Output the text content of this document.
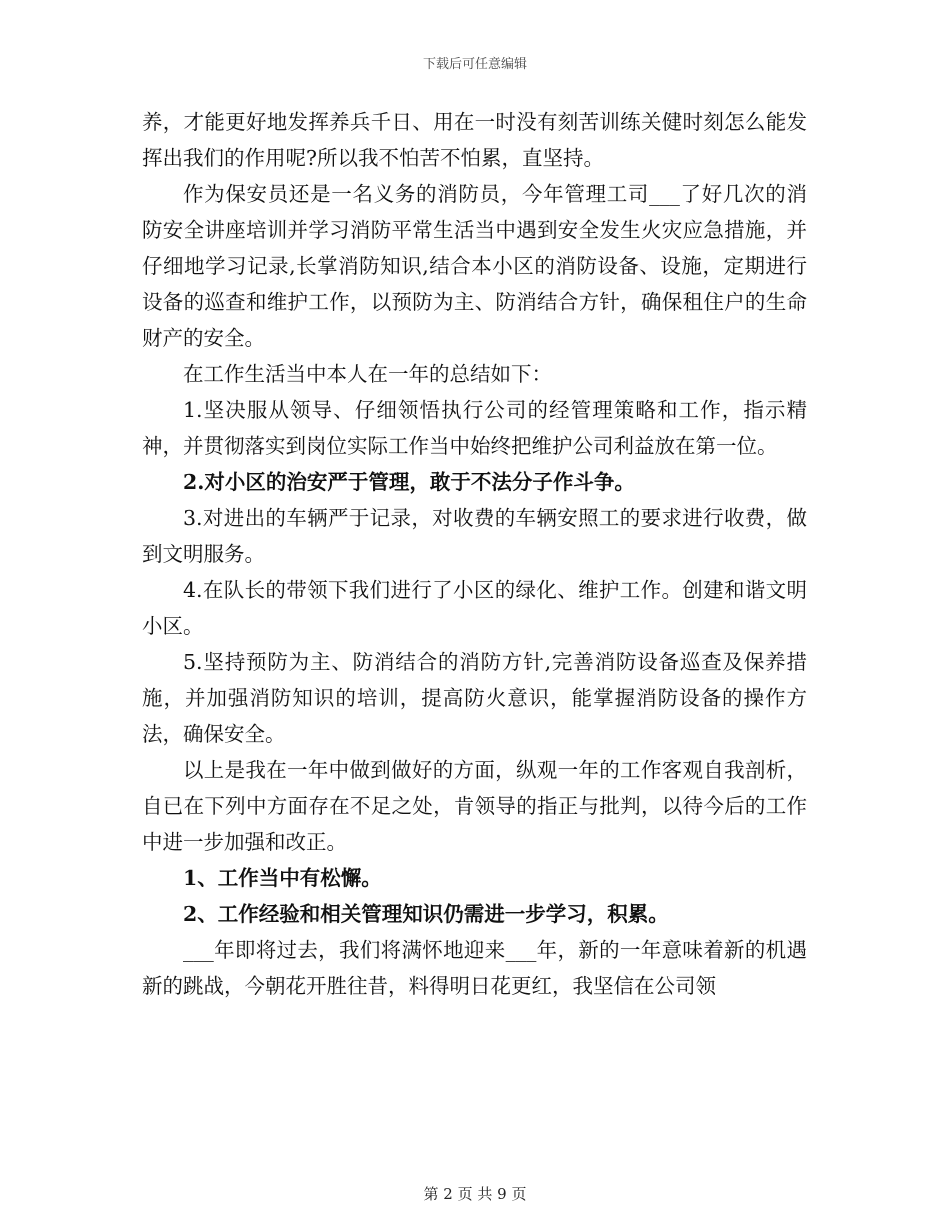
下载后可任意编辑

养，才能更好地发挥养兵千日、用在一时没有刻苦训练关健时刻怎么能发挥出我们的作用呢?所以我不怕苦不怕累，直坚持。

作为保安员还是一名义务的消防员，今年管理工司___了好几次的消防安全讲座培训并学习消防平常生活当中遇到安全发生火灾应急措施，并仔细地学习记录,长掌消防知识,结合本小区的消防设备、设施，定期进行设备的巡查和维护工作，以预防为主、防消结合方针，确保租住户的生命财产的安全。

在工作生活当中本人在一年的总结如下：

1.坚决服从领导、仔细领悟执行公司的经管理策略和工作，指示精神，并贯彻落实到岗位实际工作当中始终把维护公司利益放在第一位。

2.对小区的治安严于管理，敢于不法分子作斗争。

3.对进出的车辆严于记录，对收费的车辆安照工的要求进行收费，做到文明服务。

4.在队长的带领下我们进行了小区的绿化、维护工作。创建和谐文明小区。

5.坚持预防为主、防消结合的消防方针,完善消防设备巡查及保养措施，并加强消防知识的培训，提高防火意识，能掌握消防设备的操作方法，确保安全。

以上是我在一年中做到做好的方面，纵观一年的工作客观自我剖析，自已在下列中方面存在不足之处，肯领导的指正与批判，以待今后的工作中进一步加强和改正。

1、工作当中有松懈。

2、工作经验和相关管理知识仍需进一步学习，积累。

___年即将过去，我们将满怀地迎来___年，新的一年意味着新的机遇新的跳战，今朝花开胜往昔，料得明日花更红，我坚信在公司领

第 2 页 共 9 页
